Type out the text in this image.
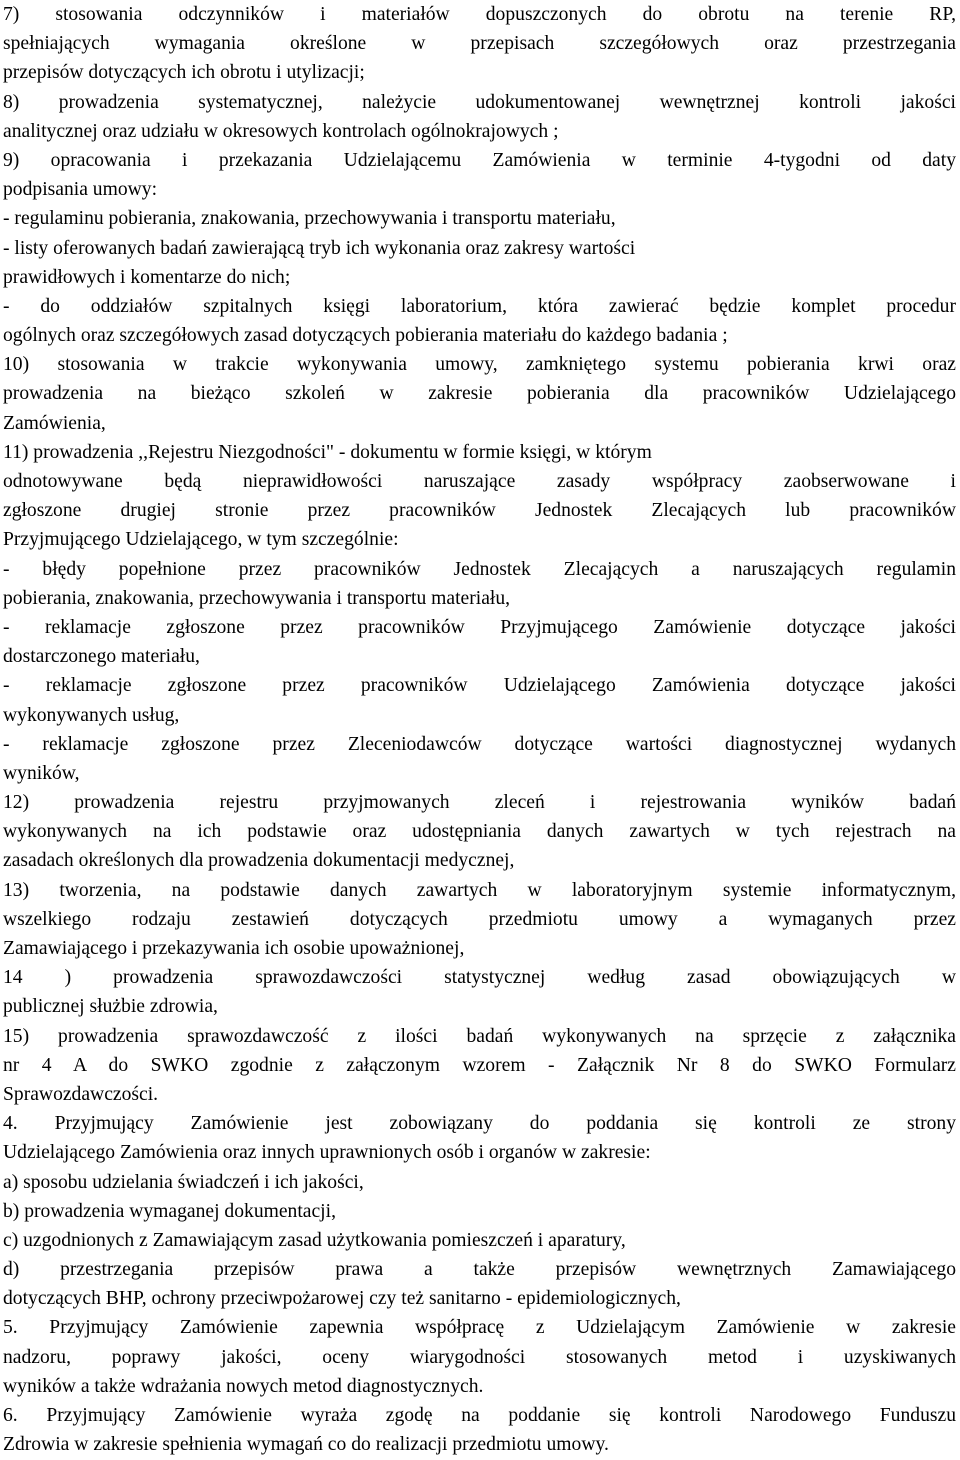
7) stosowania odczynników i materiałów dopuszczonych do obrotu na terenie RP,
spełniających wymagania określone w przepisach szczegółowych oraz przestrzegania
przepisów dotyczących ich obrotu i utylizacji;
8) prowadzenia systematycznej, należycie udokumentowanej wewnętrznej kontroli jakości
analitycznej oraz udziału w okresowych kontrolach ogólnokrajowych ;
9) opracowania i przekazania Udzielającemu Zamówienia w terminie 4-tygodni od daty
podpisania umowy:
- regulaminu pobierania, znakowania, przechowywania i transportu materiału,
- listy oferowanych badań zawierającą tryb ich wykonania oraz zakresy wartości
prawidłowych i komentarze do nich;
- do oddziałów szpitalnych księgi laboratorium, która zawierać będzie komplet procedur
ogólnych oraz szczegółowych zasad dotyczących pobierania materiału do każdego badania ;
10) stosowania w trakcie wykonywania umowy, zamkniętego systemu pobierania krwi oraz
prowadzenia na bieżąco szkoleń w zakresie pobierania dla pracowników Udzielającego
Zamówienia,
11) prowadzenia ,,Rejestru Niezgodności" - dokumentu w formie księgi, w którym
odnotowywane będą nieprawidłowości naruszające zasady współpracy zaobserwowane i
zgłoszone drugiej stronie przez pracowników Jednostek Zlecających lub pracowników
Przyjmującego Udzielającego, w tym szczególnie:
- błędy popełnione przez pracowników Jednostek Zlecających a naruszających regulamin
pobierania, znakowania, przechowywania i transportu materiału,
- reklamacje zgłoszone przez pracowników Przyjmującego Zamówienie dotyczące jakości
dostarczonego materiału,
- reklamacje zgłoszone przez pracowników Udzielającego Zamówienia dotyczące jakości
wykonywanych usług,
- reklamacje zgłoszone przez Zleceniodawców dotyczące wartości diagnostycznej wydanych
wyników,
12) prowadzenia rejestru przyjmowanych zleceń i rejestrowania wyników badań
wykonywanych na ich podstawie oraz udostępniania danych zawartych w tych rejestrach na
zasadach określonych dla prowadzenia dokumentacji medycznej,
13) tworzenia, na podstawie danych zawartych w laboratoryjnym systemie informatycznym,
wszelkiego rodzaju zestawień dotyczących przedmiotu umowy a wymaganych przez
Zamawiającego i przekazywania ich osobie upoważnionej,
14 ) prowadzenia sprawozdawczości statystycznej według zasad obowiązujących w
publicznej służbie zdrowia,
15) prowadzenia sprawozdawczość z ilości badań wykonywanych na sprzęcie z załącznika
nr 4 A do SWKO zgodnie z załączonym wzorem - Załącznik Nr 8 do SWKO Formularz
Sprawozdawczości.
4. Przyjmujący Zamówienie jest zobowiązany do poddania się kontroli ze strony
Udzielającego Zamówienia oraz innych uprawnionych osób i organów w zakresie:
a) sposobu udzielania świadczeń i ich jakości,
b) prowadzenia wymaganej dokumentacji,
c) uzgodnionych z Zamawiającym zasad użytkowania pomieszczeń i aparatury,
d) przestrzegania przepisów prawa a także przepisów wewnętrznych Zamawiającego
dotyczących BHP, ochrony przeciwpożarowej czy też sanitarno - epidemiologicznych,
5. Przyjmujący Zamówienie zapewnia współpracę z Udzielającym Zamówienie w zakresie
nadzoru, poprawy jakości, oceny wiarygodności stosowanych metod i uzyskiwanych
wyników a także wdrażania nowych metod diagnostycznych.
6. Przyjmujący Zamówienie wyraża zgodę na poddanie się kontroli Narodowego Funduszu
Zdrowia w zakresie spełnienia wymagań co do realizacji przedmiotu umowy.
